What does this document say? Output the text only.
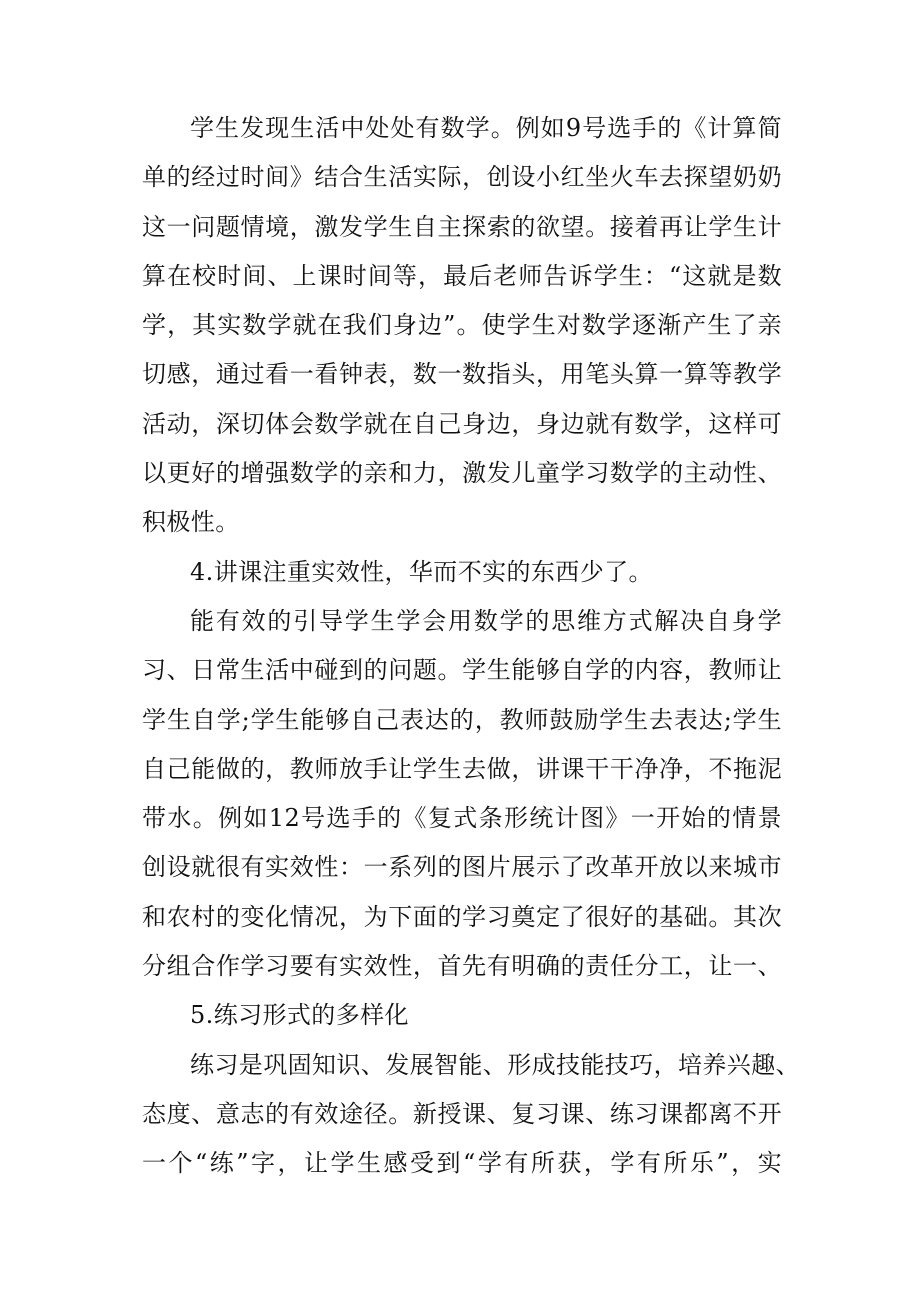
学生发现生活中处处有数学。例如9号选手的《计算简
单的经过时间》结合生活实际，创设小红坐火车去探望奶奶
这一问题情境，激发学生自主探索的欲望。接着再让学生计
算在校时间、上课时间等，最后老师告诉学生：“这就是数
学，其实数学就在我们身边”。使学生对数学逐渐产生了亲
切感，通过看一看钟表，数一数指头，用笔头算一算等教学
活动，深切体会数学就在自己身边，身边就有数学，这样可
以更好的增强数学的亲和力，激发儿童学习数学的主动性、
积极性。
4.讲课注重实效性，华而不实的东西少了。
能有效的引导学生学会用数学的思维方式解决自身学
习、日常生活中碰到的问题。学生能够自学的内容，教师让
学生自学;学生能够自己表达的，教师鼓励学生去表达;学生
自己能做的，教师放手让学生去做，讲课干干净净，不拖泥
带水。例如12号选手的《复式条形统计图》一开始的情景
创设就很有实效性：一系列的图片展示了改革开放以来城市
和农村的变化情况，为下面的学习奠定了很好的基础。其次
分组合作学习要有实效性，首先有明确的责任分工，让一、
5.练习形式的多样化
练习是巩固知识、发展智能、形成技能技巧，培养兴趣、
态度、意志的有效途径。新授课、复习课、练习课都离不开
一个“练”字，让学生感受到“学有所获，学有所乐”，实
